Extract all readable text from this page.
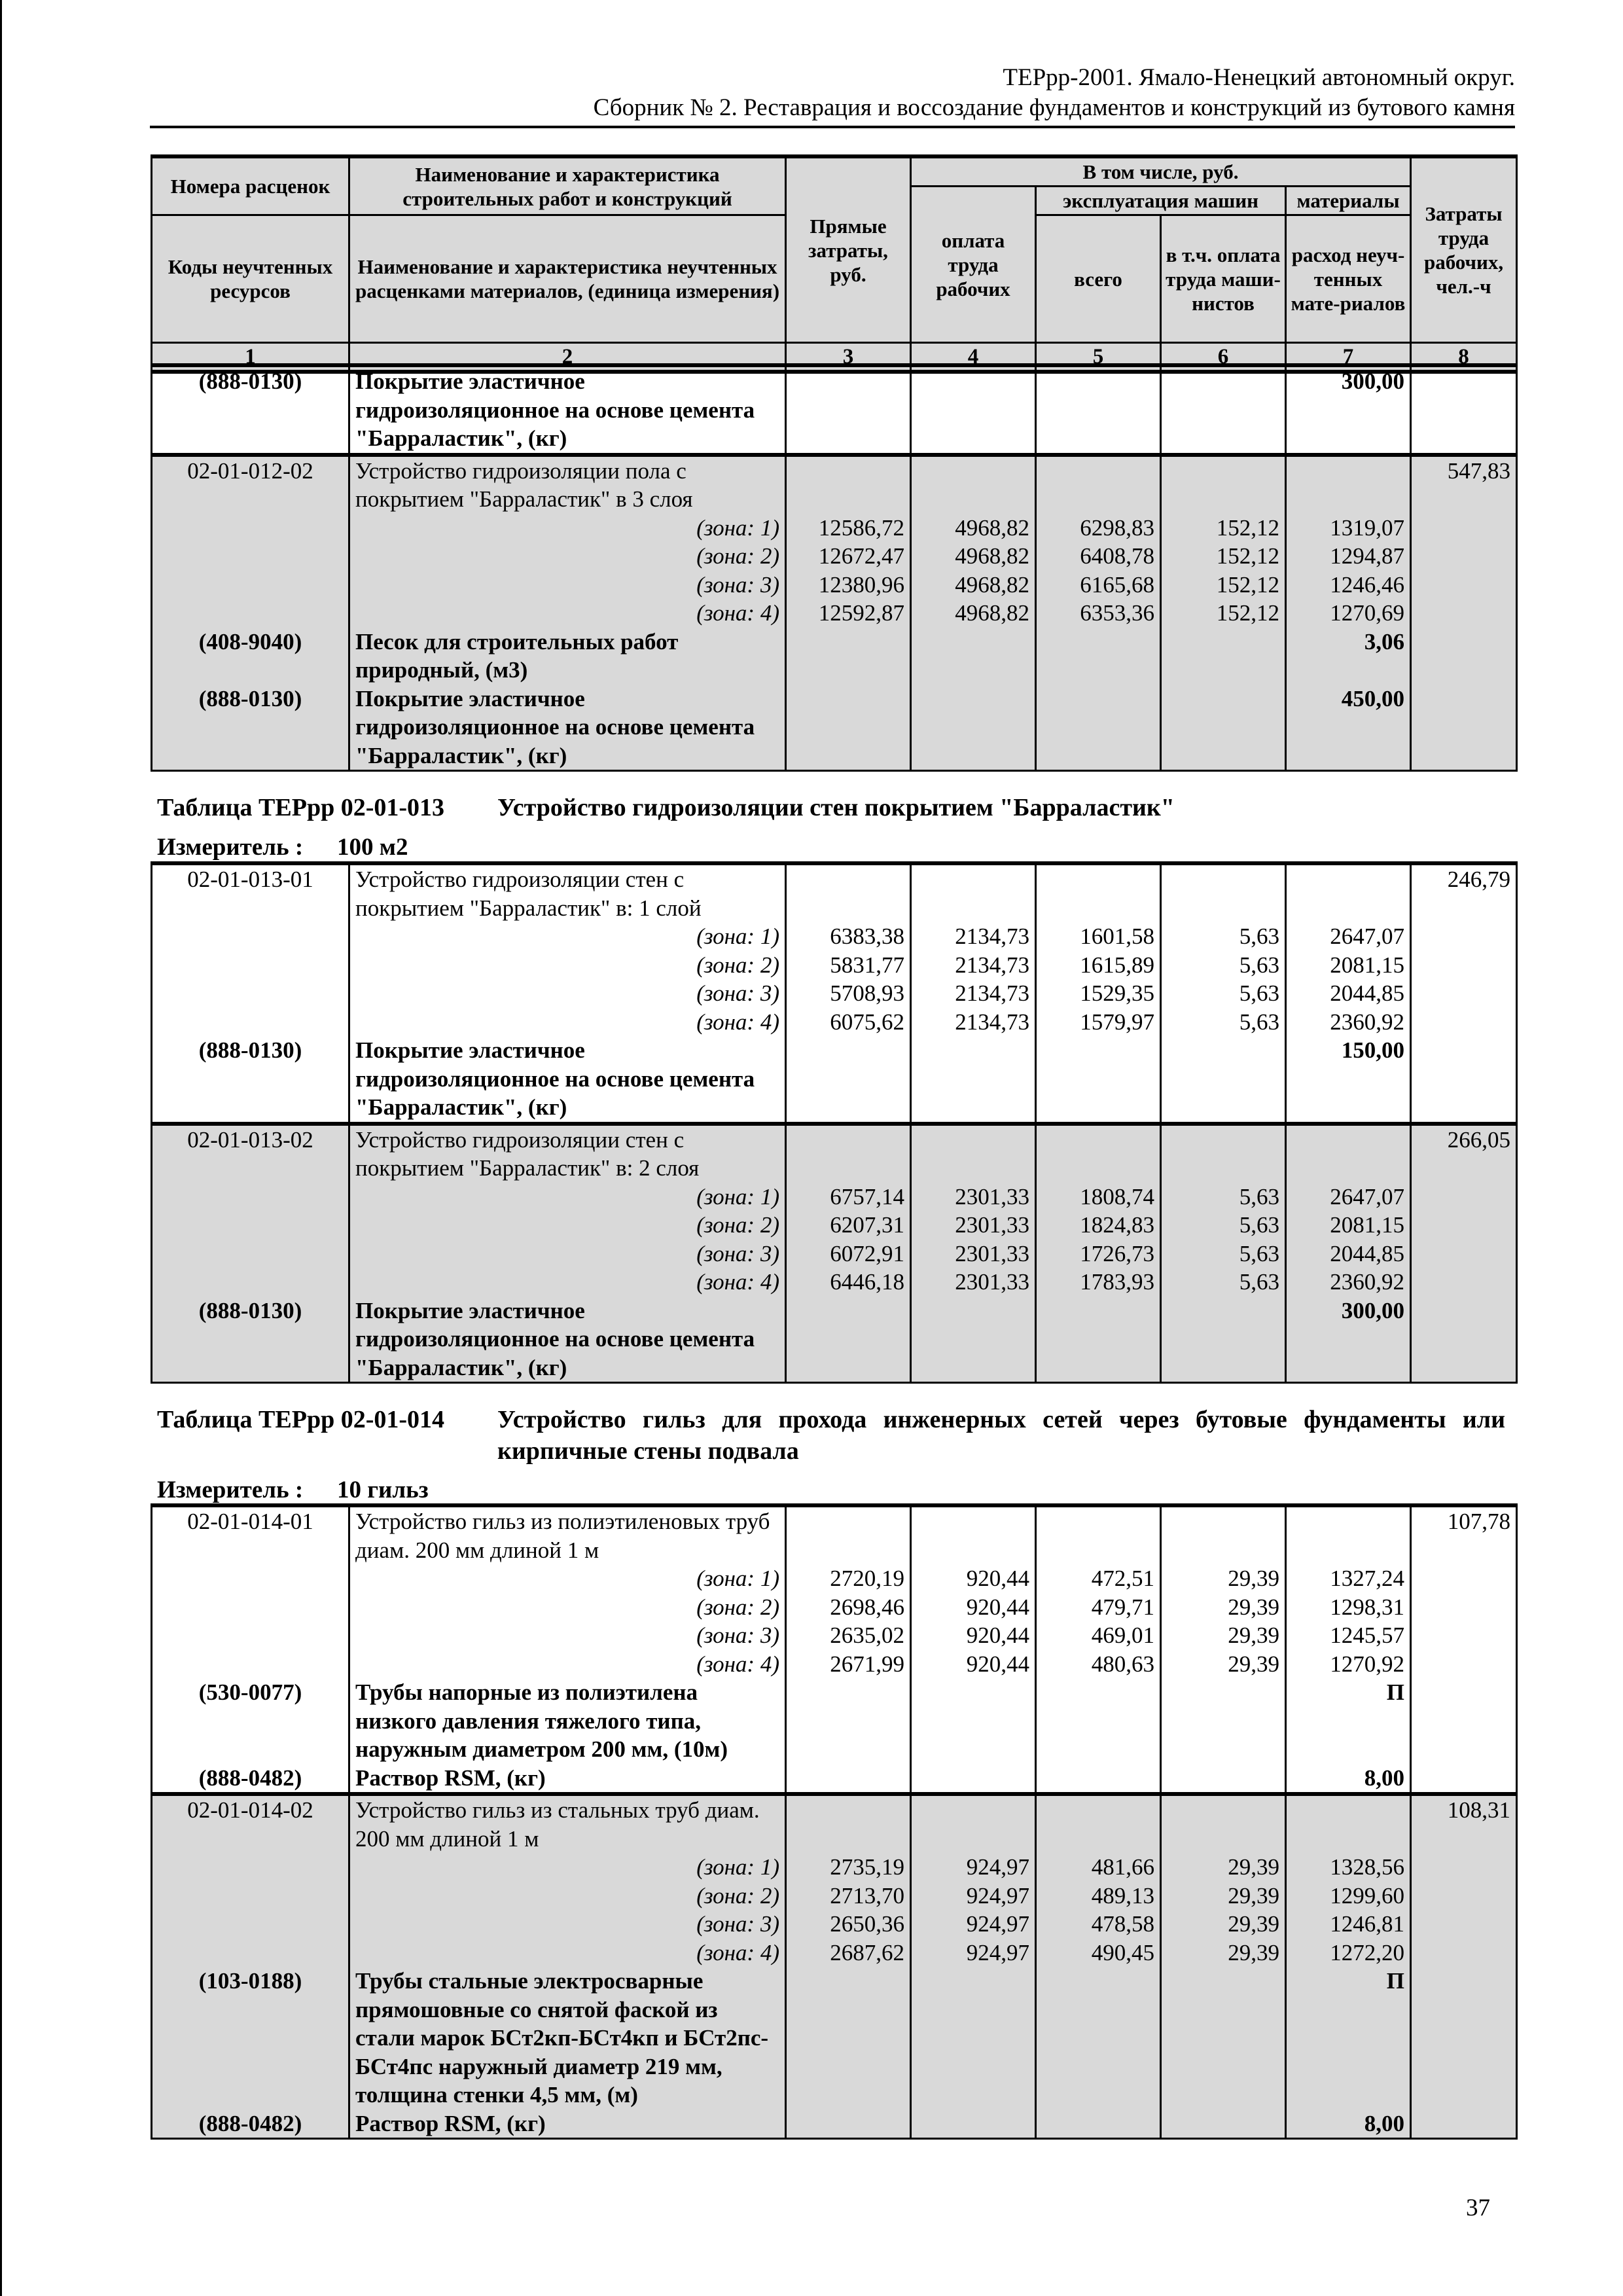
ТЕРрр-2001. Ямало-Ненецкий автономный округ.
Сборник № 2. Реставрация и воссоздание фундаментов и конструкций из бутового камня
Номера расценок	Наименование и характеристика строительных работ и конструкций	Прямые затраты, руб.	В том числе, руб.				Затраты труда рабочих, чел.-ч
			оплата труда рабочих	эксплуатация машин		материалы	
Коды неучтенных ресурсов	Наименование и характеристика неучтенных расценками материалов, (единица измерения)			всего	в т.ч. оплата труда маши-нистов	расход неуч-тенных мате-риалов	

1	2	3	4	5	6	7	8
(888-0130)	Покрытие эластичное гидроизоляционное на основе цемента "Барраластик", (кг)					300,00	
02-01-012-02	Устройство гидроизоляции пола с покрытием "Барраластик" в 3 слоя						547,83
	(зона: 1)	12586,72	4968,82	6298,83	152,12	1319,07	
	(зона: 2)	12672,47	4968,82	6408,78	152,12	1294,87	
	(зона: 3)	12380,96	4968,82	6165,68	152,12	1246,46	
	(зона: 4)	12592,87	4968,82	6353,36	152,12	1270,69	
(408-9040)	Песок для строительных работ природный, (м3)					3,06	
(888-0130)	Покрытие эластичное гидроизоляционное на основе цемента "Барраластик", (кг)					450,00	
Таблица ТЕРрр 02-01-013 Устройство гидроизоляции стен покрытием "Барраластик"
Измеритель : 100 м2
02-01-013-01	Устройство гидроизоляции стен с покрытием "Барраластик" в: 1 слой						246,79
	(зона: 1)	6383,38	2134,73	1601,58	5,63	2647,07	
	(зона: 2)	5831,77	2134,73	1615,89	5,63	2081,15	
	(зона: 3)	5708,93	2134,73	1529,35	5,63	2044,85	
	(зона: 4)	6075,62	2134,73	1579,97	5,63	2360,92	
(888-0130)	Покрытие эластичное гидроизоляционное на основе цемента "Барраластик", (кг)					150,00	
02-01-013-02	Устройство гидроизоляции стен с покрытием "Барраластик" в: 2 слоя						266,05
	(зона: 1)	6757,14	2301,33	1808,74	5,63	2647,07	
	(зона: 2)	6207,31	2301,33	1824,83	5,63	2081,15	
	(зона: 3)	6072,91	2301,33	1726,73	5,63	2044,85	
	(зона: 4)	6446,18	2301,33	1783,93	5,63	2360,92	
(888-0130)	Покрытие эластичное гидроизоляционное на основе цемента "Барраластик", (кг)					300,00	
Таблица ТЕРрр 02-01-014 Устройство гильз для прохода инженерных сетей через бутовые фундаменты или кирпичные стены подвала
Измеритель : 10 гильз
02-01-014-01	Устройство гильз из полиэтиленовых труб диам. 200 мм длиной 1 м						107,78
	(зона: 1)	2720,19	920,44	472,51	29,39	1327,24	
	(зона: 2)	2698,46	920,44	479,71	29,39	1298,31	
	(зона: 3)	2635,02	920,44	469,01	29,39	1245,57	
	(зона: 4)	2671,99	920,44	480,63	29,39	1270,92	
(530-0077)	Трубы напорные из полиэтилена низкого давления тяжелого типа, наружным диаметром 200 мм, (10м)					П	
(888-0482)	Раствор RSM, (кг)					8,00	
02-01-014-02	Устройство гильз из стальных труб диам. 200 мм длиной 1 м						108,31
	(зона: 1)	2735,19	924,97	481,66	29,39	1328,56	
	(зона: 2)	2713,70	924,97	489,13	29,39	1299,60	
	(зона: 3)	2650,36	924,97	478,58	29,39	1246,81	
	(зона: 4)	2687,62	924,97	490,45	29,39	1272,20	
(103-0188)	Трубы стальные электросварные прямошовные со снятой фаской из стали марок БСт2кп-БСт4кп и БСт2пс-БСт4пс наружный диаметр 219 мм, толщина стенки 4,5 мм, (м)					П	
(888-0482)	Раствор RSM, (кг)					8,00	
37
